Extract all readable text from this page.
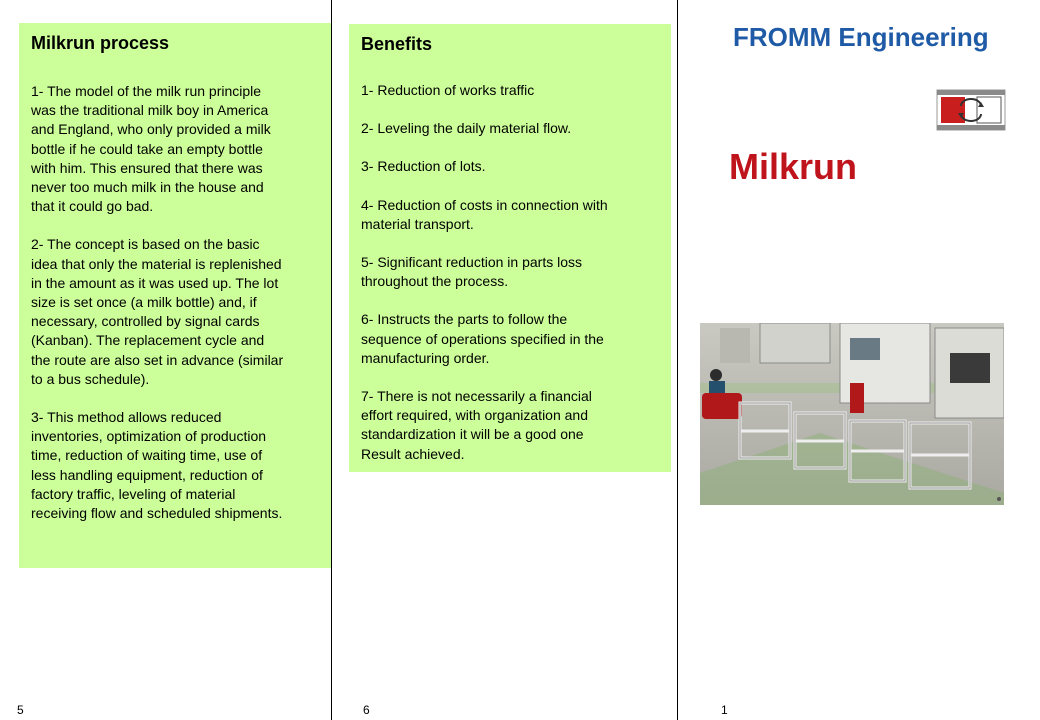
Milkrun process

1- The model of the milk run principle
was the traditional milk boy in America
and England, who only provided a milk
bottle if he could take an empty bottle
with him. This ensured that there was
never too much milk in the house and
that it could go bad.

2- The concept is based on the basic
idea that only the material is replenished
in the amount as it was used up. The lot
size is set once (a milk bottle) and, if
necessary, controlled by signal cards
(Kanban). The replacement cycle and
the route are also set in advance (similar
to a bus schedule).

3- This method allows reduced
inventories, optimization of production
time, reduction of waiting time, use of
less handling equipment, reduction of
factory traffic, leveling of material
receiving flow and scheduled shipments.

Benefits

1- Reduction of works traffic

2- Leveling the daily material flow.

3- Reduction of lots.

4- Reduction of costs in connection with
material transport.

5- Significant reduction in parts loss
throughout the process.

6- Instructs the parts to follow the
sequence of operations specified in the
manufacturing order.

7- There is not necessarily a financial
effort required, with organization and
standardization it will be a good one
Result achieved.

FROMM Engineering
Milkrun
5	6	1
